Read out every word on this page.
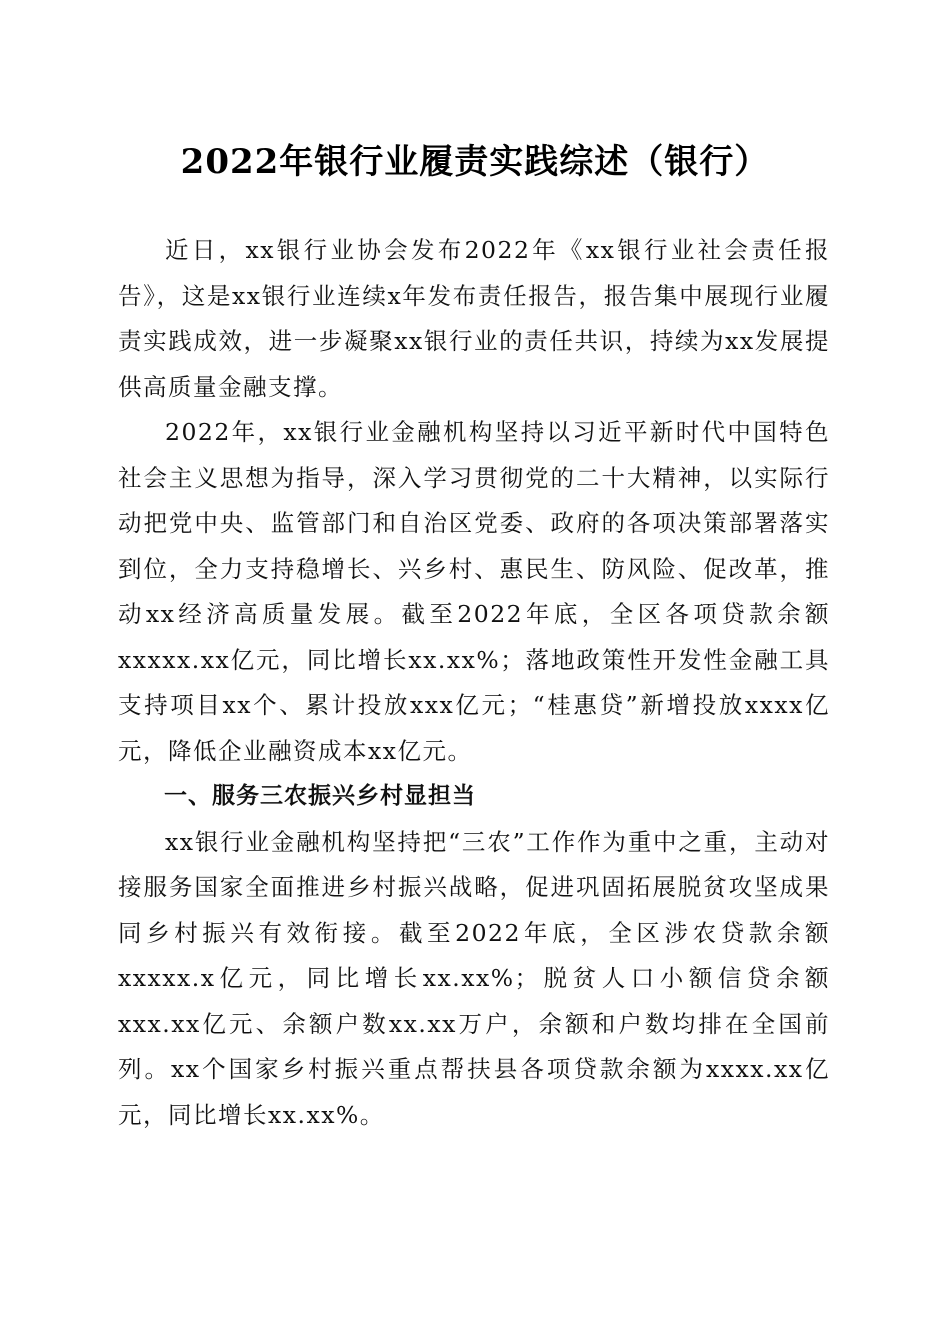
2022年银行业履责实践综述（银行）

近日，xx银行业协会发布2022年《xx银行业社会责任报告》，这是xx银行业连续x年发布责任报告，报告集中展现行业履责实践成效，进一步凝聚xx银行业的责任共识，持续为xx发展提供高质量金融支撑。

2022年，xx银行业金融机构坚持以习近平新时代中国特色社会主义思想为指导，深入学习贯彻党的二十大精神，以实际行动把党中央、监管部门和自治区党委、政府的各项决策部署落实到位，全力支持稳增长、兴乡村、惠民生、防风险、促改革，推动xx经济高质量发展。截至2022年底，全区各项贷款余额xxxxx.xx亿元，同比增长xx.xx%；落地政策性开发性金融工具支持项目xx个、累计投放xxx亿元；“桂惠贷”新增投放xxxx亿元，降低企业融资成本xx亿元。

一、服务三农振兴乡村显担当

xx银行业金融机构坚持把“三农”工作作为重中之重，主动对接服务国家全面推进乡村振兴战略，促进巩固拓展脱贫攻坚成果同乡村振兴有效衔接。截至2022年底，全区涉农贷款余额xxxxx.x亿元，同比增长xx.xx%；脱贫人口小额信贷余额xxx.xx亿元、余额户数xx.xx万户，余额和户数均排在全国前列。xx个国家乡村振兴重点帮扶县各项贷款余额为xxxx.xx亿元，同比增长xx.xx%。
